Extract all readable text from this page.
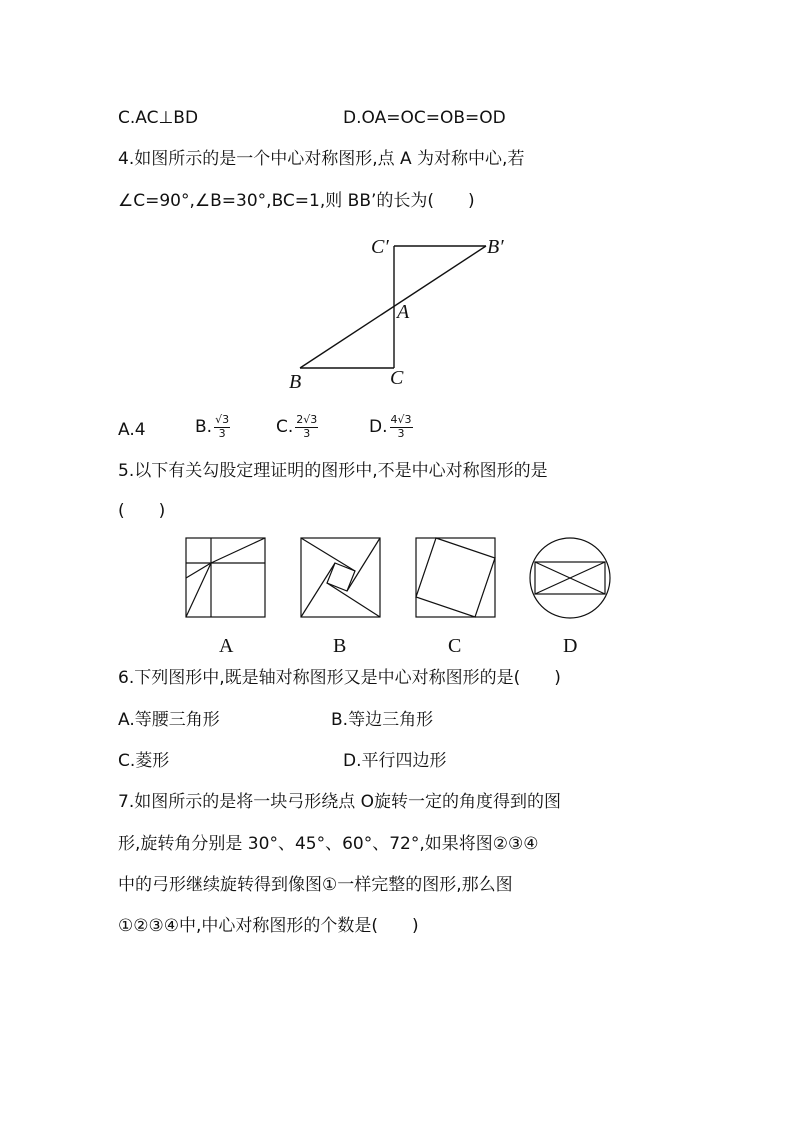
C.AC⊥BD	D.OA=OC=OB=OD
4.如图所示的是一个中心对称图形,点 A 为对称中心,若
∠C=90°,∠B=30°,BC=1,则 BB’的长为(　　)
C′	B′
A
B	C
A.4	B. $\frac{√3}{3}$	C. $\frac{2√3}{3}$	D. $\frac{4√3}{3}$
5.以下有关勾股定理证明的图形中,不是中心对称图形的是
(　　)
A	B	C	D
6.下列图形中,既是轴对称图形又是中心对称图形的是(　　)
A.等腰三角形	B.等边三角形
C.菱形	D.平行四边形
7.如图所示的是将一块弓形绕点 O旋转一定的角度得到的图
形,旋转角分别是 30°、45°、60°、72°,如果将图②③④
中的弓形继续旋转得到像图①一样完整的图形,那么图
①②③④中,中心对称图形的个数是(　　)
